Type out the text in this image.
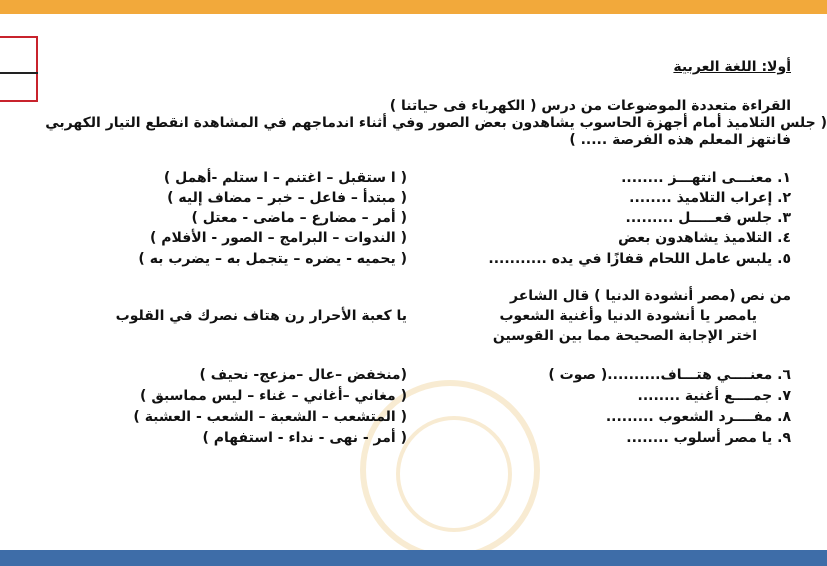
أولا: اللغة العربية
القراءة متعددة الموضوعات من درس ( الكهرباء فى حياتنا )
( جلس التلاميذ أمام أجهزة الحاسوب يشاهدون بعض الصور وفي أثناء اندماجهم في المشاهدة انقطع التيار الكهربي
فانتهز المعلم هذه الفرصة ..... )
١. معنـــى انتهـــز ........
( ا ستقبل – اغتنم – ا ستلم -أهمل )
٢. إعراب التلاميذ ........
( مبتدأ – فاعل – خبر – مضاف إليه )
٣. جلس فعـــــل .........
( أمر – مضارع – ماضى - معتل )
٤. التلاميذ يشاهدون بعض
( الندوات – البرامج – الصور - الأفلام )
٥. يلبس عامل اللحام قفازًا في يده ...........
( يحميه - يضره – يتجمل به – يضرب به )
من نص (مصر أنشودة الدنيا ) قال الشاعر
يامصر يا أنشودة الدنيا وأغنية الشعوب
يا كعبة الأحرار رن هتاف نصرك في القلوب
اختر الإجابة الصحيحة مما بين القوسين
٦. معنــــي هتـــاف..........( صوت )
(منخفض –عال –مزعج- نحيف )
٧. جمــــع أغنية ........
( مغاني –أغاني – غناء – ليس مماسبق )
٨. مفــــرد الشعوب .........
( المتشعب – الشعبة – الشعب - العشبة )
٩. يا مصر أسلوب ........
( أمر - نهى - نداء - استفهام )
